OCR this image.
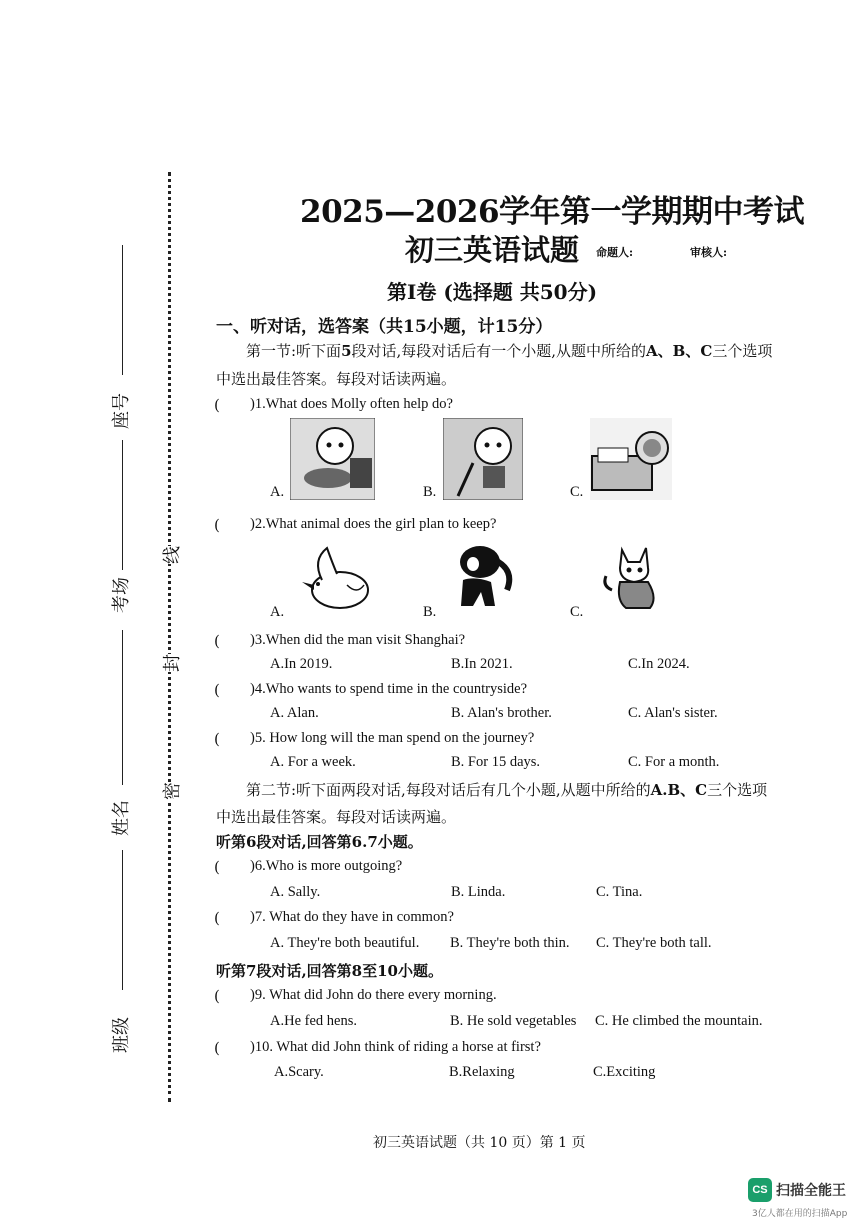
线
封
密
座号
考场
姓名
班级
2025—2026学年第一学期期中考试
初三英语试题 命题人:	审核人:
第I卷 (选择题 共50分)
一、听对话，选答案（共15小题，计15分）
第一节:听下面5段对话,每段对话后有一个小题,从题中所给的A、B、C三个选项
中选出最佳答案。每段对话读两遍。
( )1.What does Molly often help do?
A.	B.	C.
( )2.What animal does the girl plan to keep?
A.	B.	C.
( )3.When did the man visit Shanghai?
A.In 2019.	B.In 2021.	C.In 2024.
( )4.Who wants to spend time in the countryside?
A. Alan.	B. Alan's brother.	C. Alan's sister.
( )5. How long will the man spend on the journey?
A. For a week.	B. For 15 days.	C. For a month.
第二节:听下面两段对话,每段对话后有几个小题,从题中所给的A.B、C三个选项
中选出最佳答案。每段对话读两遍。
听第6段对话,回答第6.7小题。
( )6.Who is more outgoing?
A. Sally.	B. Linda.	C. Tina.
( )7. What do they have in common?
A. They're both beautiful. B. They're both thin. C. They're both tall.
听第7段对话,回答第8至10小题。
( )9. What did John do there every morning.
A.He fed hens.	B. He sold vegetables C. He climbed the mountain.
( )10. What did John think of riding a horse at first?
A.Scary.	B.Relaxing	C.Exciting
初三英语试题（共 10 页）第 1 页
CS 扫描全能王
3亿人都在用的扫描App
